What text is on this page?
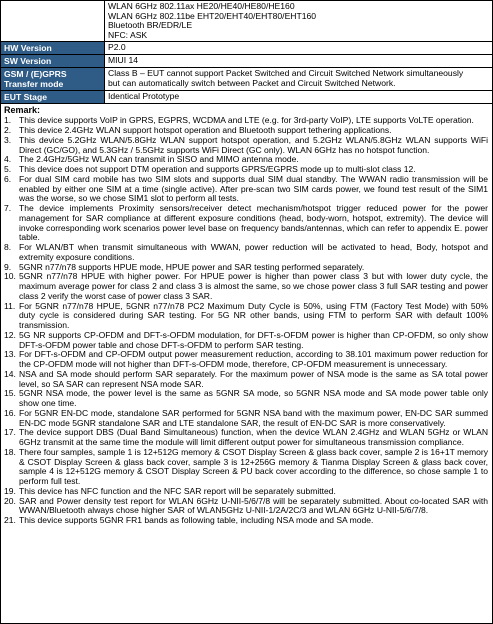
WLAN 6GHz 802.11ax HE20/HE40/HE80/HE160
WLAN 6GHz 802.11be EHT20/EHT40/EHT80/EHT160
Bluetooth BR/EDR/LE
NFC: ASK
HW Version	P2.0
SW Version	MIUI 14
GSM / (E)GPRS
Transfer mode
Class B – EUT cannot support Packet Switched and Circuit Switched Network simultaneously
but can automatically switch between Packet and Circuit Switched Network.
EUT Stage	Identical Prototype
Remark:
1. This device supports VoIP in GPRS, EGPRS, WCDMA and LTE (e.g. for 3rd-party VoIP), LTE supports VoLTE operation.
2. This device 2.4GHz WLAN support hotspot operation and Bluetooth support tethering applications.
3. This device 5.2GHz WLAN/5.8GHz WLAN support hotspot operation, and 5.2GHz WLAN/5.8GHz WLAN supports WiFi Direct (GC/GO), and 5.3GHz / 5.5GHz supports WiFi Direct (GC only). WLAN 6GHz has no hotspot function.
4. The 2.4GHz/5GHz WLAN can transmit in SISO and MIMO antenna mode.
5. This device does not support DTM operation and supports GPRS/EGPRS mode up to multi-slot class 12.
6. For dual SIM card mobile has two SIM slots and supports dual SIM dual standby. The WWAN radio transmission will be enabled by either one SIM at a time (single active). After pre-scan two SIM cards power, we found test result of the SIM1 was the worse, so we chose SIM1 slot to perform all tests.
7. The device implements Proximity sensors/receiver detect mechanism/hotspot trigger reduced power for the power management for SAR compliance at different exposure conditions (head, body-worn, hotspot, extremity). The device will invoke corresponding work scenarios power level base on frequency bands/antennas, which can refer to appendix E. power table.
8. For WLAN/BT when transmit simultaneous with WWAN, power reduction will be activated to head, Body, hotspot and extremity exposure conditions.
9. 5GNR n77/n78 supports HPUE mode, HPUE power and SAR testing performed separately.
10. 5GNR n77/n78 HPUE with higher power. For HPUE power is higher than power class 3 but with lower duty cycle, the maximum average power for class 2 and class 3 is almost the same, so we chose power class 3 full SAR testing and power class 2 verify the worst case of power class 3 SAR.
11. For 5GNR n77/n78 HPUE, 5GNR n77/n78 PC2 Maximum Duty Cycle is 50%, using FTM (Factory Test Mode) with 50% duty cycle is considered during SAR testing. For 5G NR other bands, using FTM to perform SAR with default 100% transmission.
12. 5G NR supports CP-OFDM and DFT-s-OFDM modulation, for DFT-s-OFDM power is higher than CP-OFDM, so only show DFT-s-OFDM power table and chose DFT-s-OFDM to perform SAR testing.
13. For DFT-s-OFDM and CP-OFDM output power measurement reduction, according to 38.101 maximum power reduction for the CP-OFDM mode will not higher than DFT-s-OFDM mode, therefore, CP-OFDM measurement is unnecessary.
14. NSA and SA mode should perform SAR separately. For the maximum power of NSA mode is the same as SA total power level, so SA SAR can represent NSA mode SAR.
15. 5GNR NSA mode, the power level is the same as 5GNR SA mode, so 5GNR NSA mode and SA mode power table only show one time.
16. For 5GNR EN-DC mode, standalone SAR performed for 5GNR NSA band with the maximum power, EN-DC SAR summed EN-DC mode 5GNR standalone SAR and LTE standalone SAR, the result of EN-DC SAR is more conservatively.
17. The device support DBS (Dual Band Simultaneous) function, when the device WLAN 2.4GHz and WLAN 5GHz or WLAN 6GHz transmit at the same time the module will limit different output power for simultaneous transmission compliance.
18. There four samples, sample 1 is 12+512G memory & CSOT Display Screen & glass back cover, sample 2 is 16+1T memory & CSOT Display Screen & glass back cover, sample 3 is 12+256G memory & Tianma Display Screen & glass back cover, sample 4 is 12+512G memory & CSOT Display Screen & PU back cover according to the difference, so chose sample 1 to perform full test.
19. This device has NFC function and the NFC SAR report will be separately submitted.
20. SAR and Power density test report for WLAN 6GHz U-NII-5/6/7/8 will be separately submitted. About co-located SAR with WWAN/Bluetooth always chose higher SAR of WLAN5GHz U-NII-1/2A/2C/3 and WLAN 6GHz U-NII-5/6/7/8.
21. This device supports 5GNR FR1 bands as following table, including NSA mode and SA mode.
